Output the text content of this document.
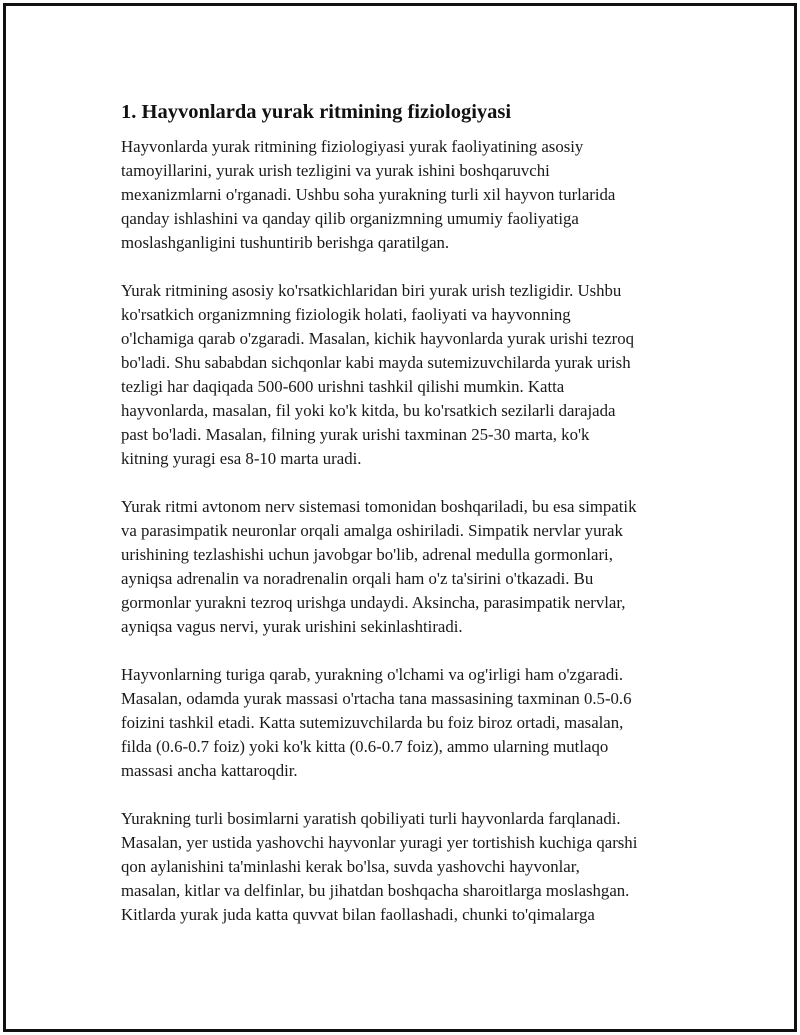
1. Hayvonlarda yurak ritmining fiziologiyasi

Hayvonlarda yurak ritmining fiziologiyasi yurak faoliyatining asosiy
tamoyillarini, yurak urish tezligini va yurak ishini boshqaruvchi
mexanizmlarni o'rganadi. Ushbu soha yurakning turli xil hayvon turlarida
qanday ishlashini va qanday qilib organizmning umumiy faoliyatiga
moslashganligini tushuntirib berishga qaratilgan.

Yurak ritmining asosiy ko'rsatkichlaridan biri yurak urish tezligidir. Ushbu
ko'rsatkich organizmning fiziologik holati, faoliyati va hayvonning
o'lchamiga qarab o'zgaradi. Masalan, kichik hayvonlarda yurak urishi tezroq
bo'ladi. Shu sababdan sichqonlar kabi mayda sutemizuvchilarda yurak urish
tezligi har daqiqada 500-600 urishni tashkil qilishi mumkin. Katta
hayvonlarda, masalan, fil yoki ko'k kitda, bu ko'rsatkich sezilarli darajada
past bo'ladi. Masalan, filning yurak urishi taxminan 25-30 marta, ko'k
kitning yuragi esa 8-10 marta uradi.

Yurak ritmi avtonom nerv sistemasi tomonidan boshqariladi, bu esa simpatik
va parasimpatik neuronlar orqali amalga oshiriladi. Simpatik nervlar yurak
urishining tezlashishi uchun javobgar bo'lib, adrenal medulla gormonlari,
ayniqsa adrenalin va noradrenalin orqali ham o'z ta'sirini o'tkazadi. Bu
gormonlar yurakni tezroq urishga undaydi. Aksincha, parasimpatik nervlar,
ayniqsa vagus nervi, yurak urishini sekinlashtiradi.

Hayvonlarning turiga qarab, yurakning o'lchami va og'irligi ham o'zgaradi.
Masalan, odamda yurak massasi o'rtacha tana massasining taxminan 0.5-0.6
foizini tashkil etadi. Katta sutemizuvchilarda bu foiz biroz ortadi, masalan,
filda (0.6-0.7 foiz) yoki ko'k kitta (0.6-0.7 foiz), ammo ularning mutlaqo
massasi ancha kattaroqdir.

Yurakning turli bosimlarni yaratish qobiliyati turli hayvonlarda farqlanadi.
Masalan, yer ustida yashovchi hayvonlar yuragi yer tortishish kuchiga qarshi
qon aylanishini ta'minlashi kerak bo'lsa, suvda yashovchi hayvonlar,
masalan, kitlar va delfinlar, bu jihatdan boshqacha sharoitlarga moslashgan.
Kitlarda yurak juda katta quvvat bilan faollashadi, chunki to'qimalarga
